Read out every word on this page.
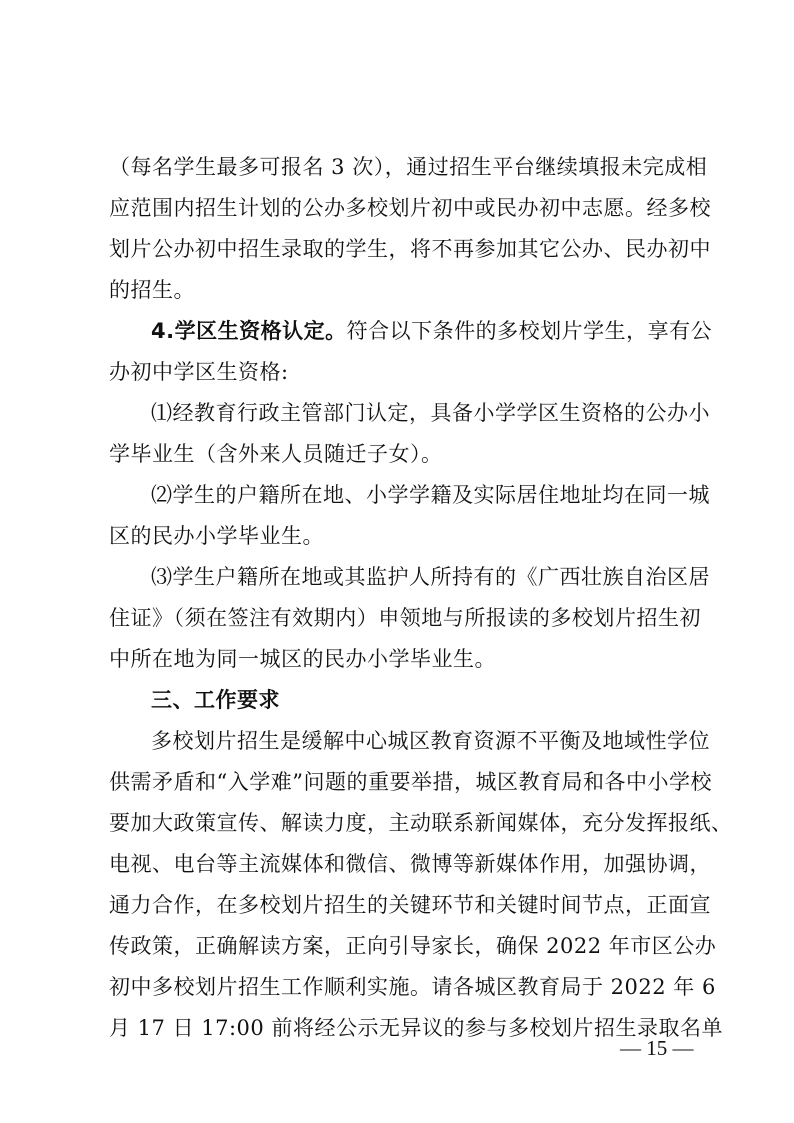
（每名学生最多可报名 3 次），通过招生平台继续填报未完成相
应范围内招生计划的公办多校划片初中或民办初中志愿。经多校
划片公办初中招生录取的学生，将不再参加其它公办、民办初中
的招生。
4.学区生资格认定。符合以下条件的多校划片学生，享有公
办初中学区生资格:
⑴经教育行政主管部门认定，具备小学学区生资格的公办小
学毕业生（含外来人员随迁子女）。
⑵学生的户籍所在地、小学学籍及实际居住地址均在同一城
区的民办小学毕业生。
⑶学生户籍所在地或其监护人所持有的《广西壮族自治区居
住证》（须在签注有效期内）申领地与所报读的多校划片招生初
中所在地为同一城区的民办小学毕业生。
三、工作要求
多校划片招生是缓解中心城区教育资源不平衡及地域性学位
供需矛盾和“入学难”问题的重要举措，城区教育局和各中小学校
要加大政策宣传、解读力度，主动联系新闻媒体，充分发挥报纸、
电视、电台等主流媒体和微信、微博等新媒体作用，加强协调，
通力合作，在多校划片招生的关键环节和关键时间节点，正面宣
传政策，正确解读方案，正向引导家长，确保 2022 年市区公办
初中多校划片招生工作顺利实施。请各城区教育局于 2022 年 6
月 17 日 17:00 前将经公示无异议的参与多校划片招生录取名单
— 15 —
